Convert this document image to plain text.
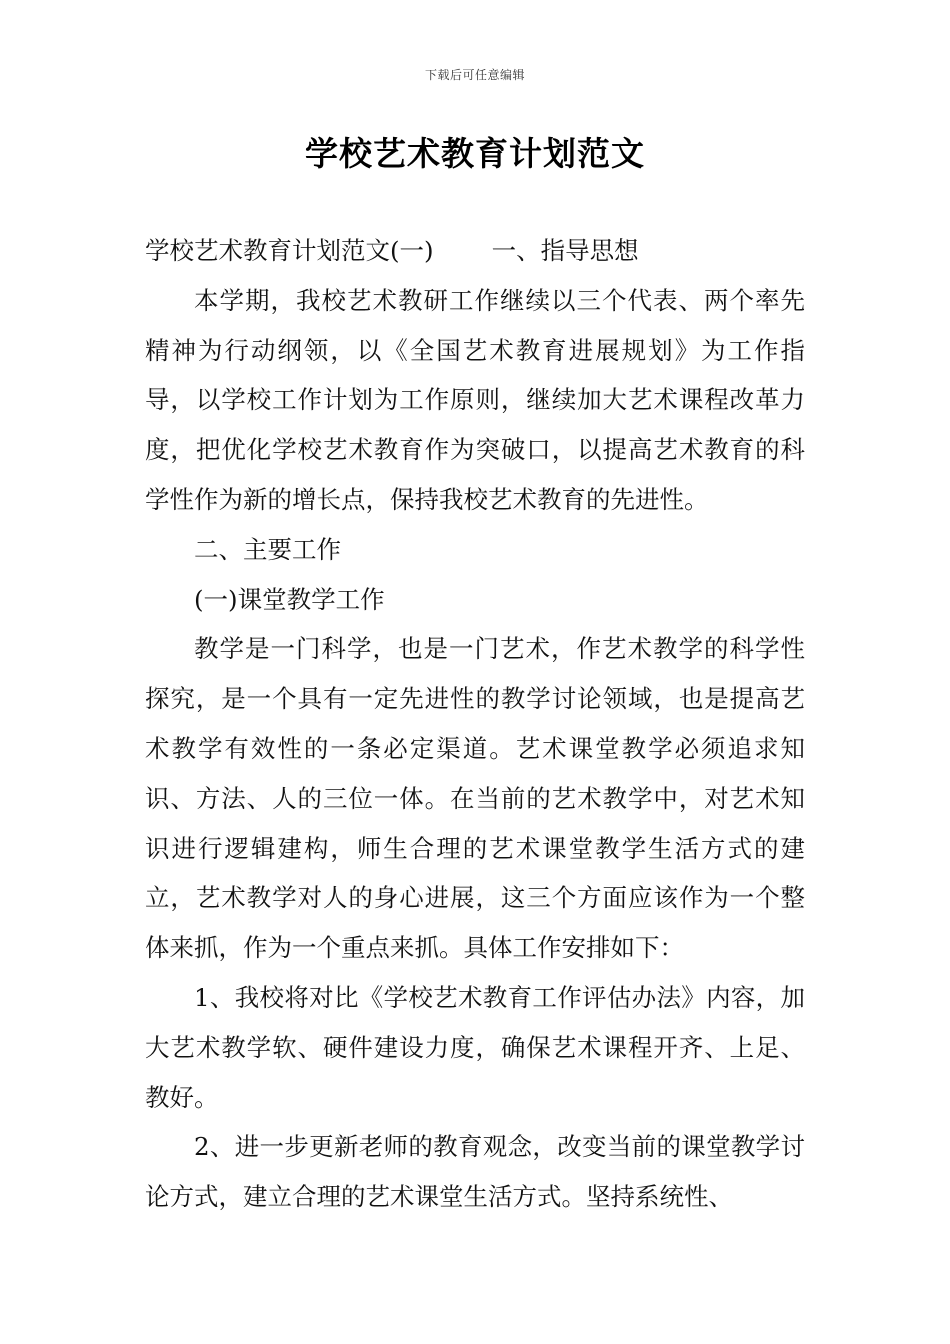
下载后可任意编辑
学校艺术教育计划范文

学校艺术教育计划范文(一) 一、指导思想

本学期，我校艺术教研工作继续以三个代表、两个率先精神为行动纲领，以《全国艺术教育进展规划》为工作指导，以学校工作计划为工作原则，继续加大艺术课程改革力度，把优化学校艺术教育作为突破口，以提高艺术教育的科学性作为新的增长点，保持我校艺术教育的先进性。

二、主要工作

(一)课堂教学工作

教学是一门科学，也是一门艺术，作艺术教学的科学性探究，是一个具有一定先进性的教学讨论领域，也是提高艺术教学有效性的一条必定渠道。艺术课堂教学必须追求知识、方法、人的三位一体。在当前的艺术教学中，对艺术知识进行逻辑建构，师生合理的艺术课堂教学生活方式的建立，艺术教学对人的身心进展，这三个方面应该作为一个整体来抓，作为一个重点来抓。具体工作安排如下：

1、我校将对比《学校艺术教育工作评估办法》内容，加大艺术教学软、硬件建设力度，确保艺术课程开齐、上足、教好。

2、进一步更新老师的教育观念，改变当前的课堂教学讨论方式，建立合理的艺术课堂生活方式。坚持系统性、
